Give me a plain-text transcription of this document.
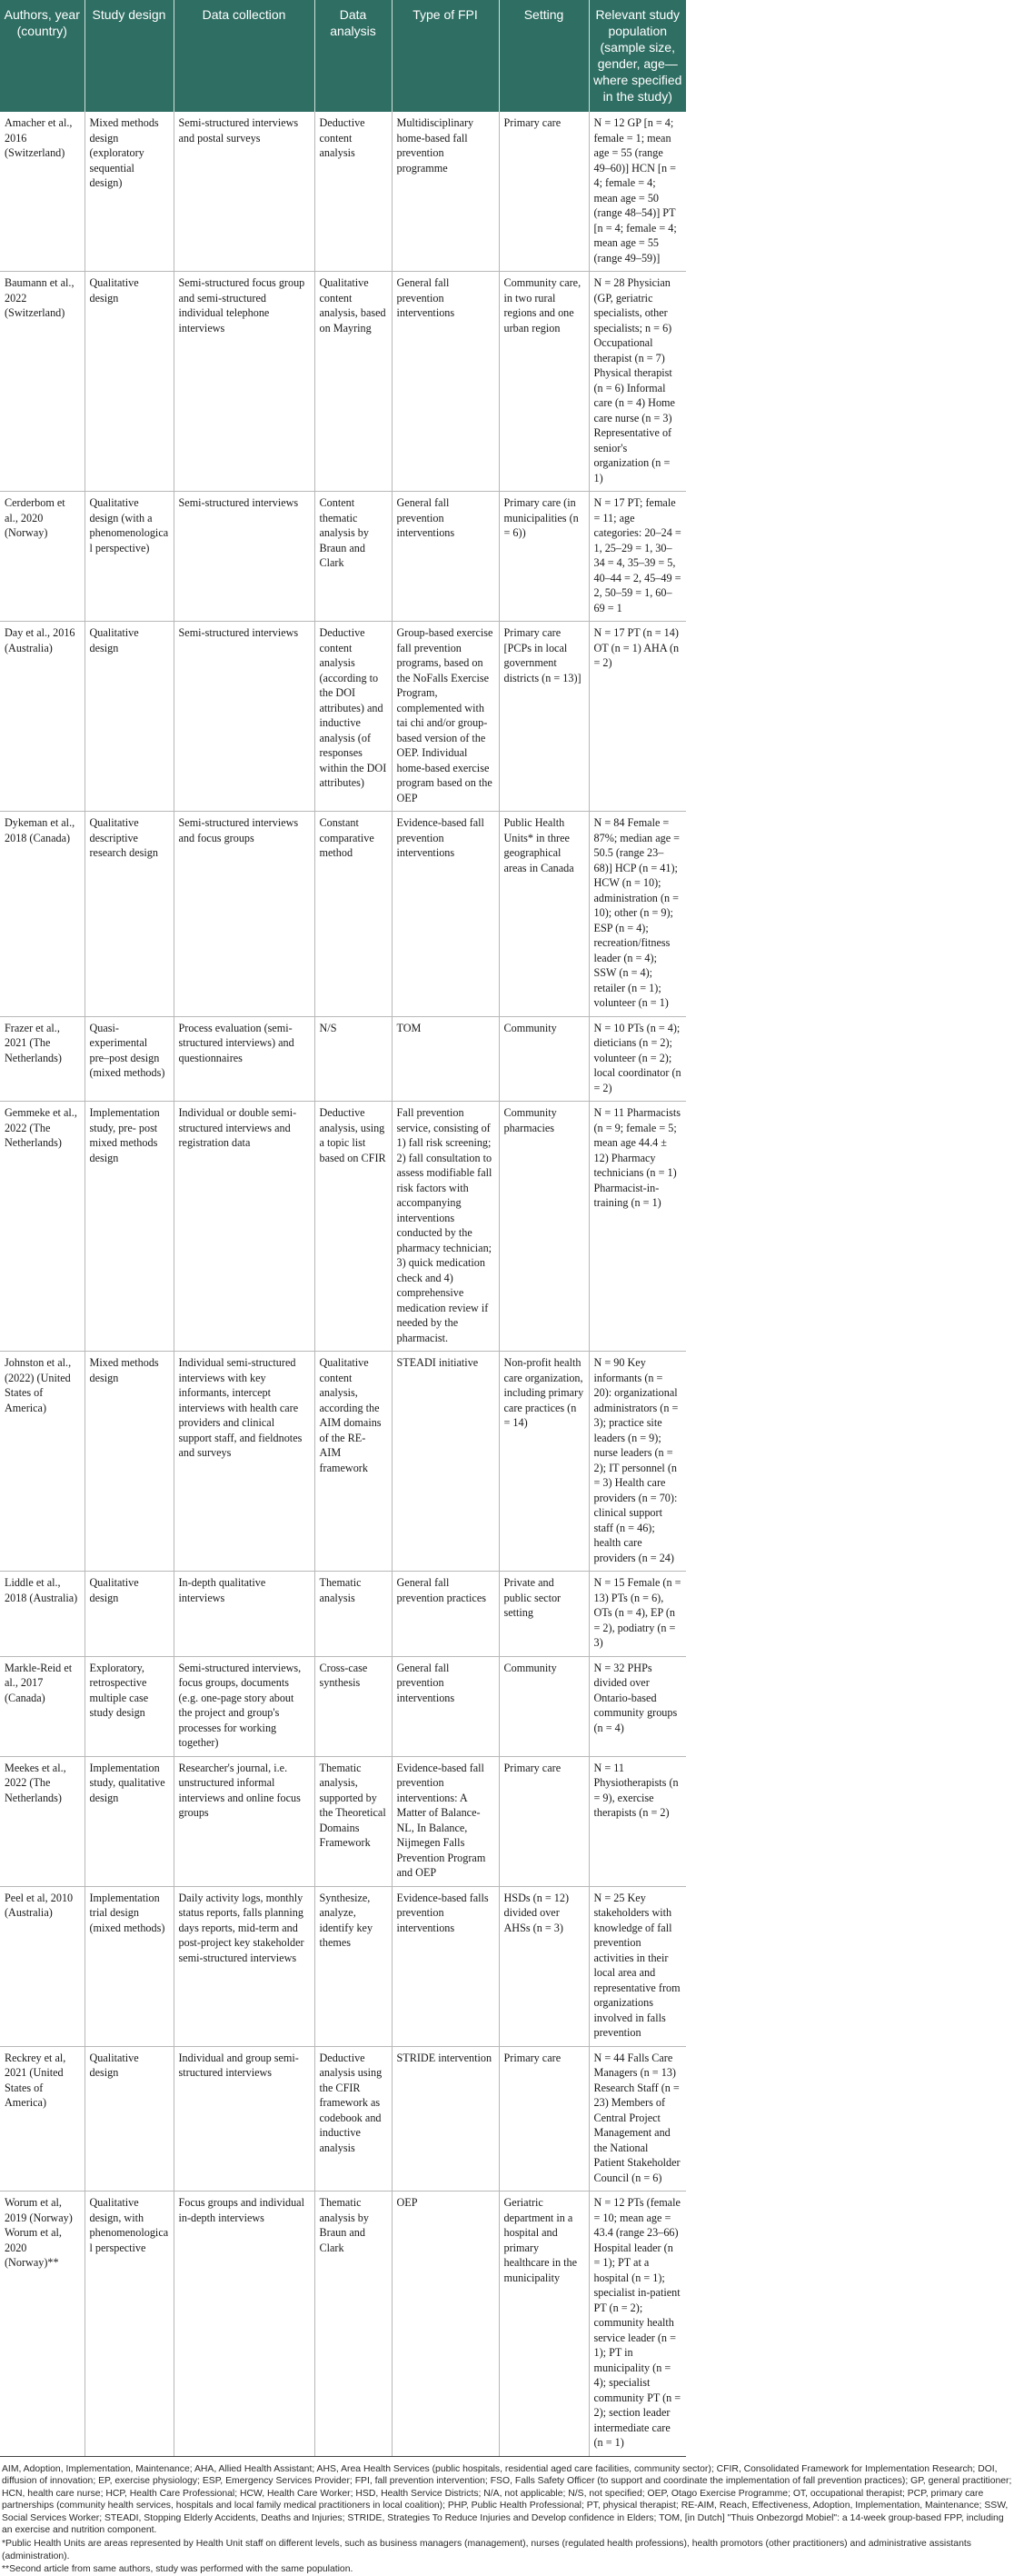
Authors, year (country)	Study design	Data collection	Data analysis	Type of FPI	Setting	Relevant study population (sample size, gender, age—where specified in the study)
Amacher et al., 2016 (Switzerland)	Mixed methods design (exploratory sequential design)	Semi-structured interviews and postal surveys	Deductive content analysis	Multidisciplinary home-based fall prevention programme	Primary care	N = 12 GP [n = 4; female = 1; mean age = 55 (range 49–60)] HCN [n = 4; female = 4; mean age = 50 (range 48–54)] PT [n = 4; female = 4; mean age = 55 (range 49–59)]
Baumann et al., 2022 (Switzerland)	Qualitative design	Semi-structured focus group and semi-structured individual telephone interviews	Qualitative content analysis, based on Mayring	General fall prevention interventions	Community care, in two rural regions and one urban region	N = 28 Physician (GP, geriatric specialists, other specialists; n = 6) Occupational therapist (n = 7) Physical therapist (n = 6) Informal care (n = 4) Home care nurse (n = 3) Representative of senior's organization (n = 1)
Cerderbom et al., 2020 (Norway)	Qualitative design (with a phenomenological perspective)	Semi-structured interviews	Content thematic analysis by Braun and Clark	General fall prevention interventions	Primary care (in municipalities (n = 6))	N = 17 PT; female = 11; age categories: 20–24 = 1, 25–29 = 1, 30–34 = 4, 35–39 = 5, 40–44 = 2, 45–49 = 2, 50–59 = 1, 60–69 = 1
Day et al., 2016 (Australia)	Qualitative design	Semi-structured interviews	Deductive content analysis (according to the DOI attributes) and inductive analysis (of responses within the DOI attributes)	Group-based exercise fall prevention programs, based on the NoFalls Exercise Program, complemented with tai chi and/or group-based version of the OEP. Individual home-based exercise program based on the OEP	Primary care [PCPs in local government districts (n = 13)]	N = 17 PT (n = 14) OT (n = 1) AHA (n = 2)
Dykeman et al., 2018 (Canada)	Qualitative descriptive research design	Semi-structured interviews and focus groups	Constant comparative method	Evidence-based fall prevention interventions	Public Health Units* in three geographical areas in Canada	N = 84 Female = 87%; median age = 50.5 (range 23–68)] HCP (n = 41); HCW (n = 10); administration (n = 10); other (n = 9); ESP (n = 4); recreation/fitness leader (n = 4); SSW (n = 4); retailer (n = 1); volunteer (n = 1)
Frazer et al., 2021 (The Netherlands)	Quasi-experimental pre–post design (mixed methods)	Process evaluation (semi-structured interviews) and questionnaires	N/S	TOM	Community	N = 10 PTs (n = 4); dieticians (n = 2); volunteer (n = 2); local coordinator (n = 2)
Gemmeke et al., 2022 (The Netherlands)	Implementation study, pre- post mixed methods design	Individual or double semi-structured interviews and registration data	Deductive analysis, using a topic list based on CFIR	Fall prevention service, consisting of 1) fall risk screening; 2) fall consultation to assess modifiable fall risk factors with accompanying interventions conducted by the pharmacy technician; 3) quick medication check and 4) comprehensive medication review if needed by the pharmacist.	Community pharmacies	N = 11 Pharmacists (n = 9; female = 5; mean age 44.4 ± 12) Pharmacy technicians (n = 1) Pharmacist-in-training (n = 1)
Johnston et al., (2022) (United States of America)	Mixed methods design	Individual semi-structured interviews with key informants, intercept interviews with health care providers and clinical support staff, and fieldnotes and surveys	Qualitative content analysis, according the AIM domains of the RE-AIM framework	STEADI initiative	Non-profit health care organization, including primary care practices (n = 14)	N = 90 Key informants (n = 20): organizational administrators (n = 3); practice site leaders (n = 9); nurse leaders (n = 2); IT personnel (n = 3) Health care providers (n = 70): clinical support staff (n = 46); health care providers (n = 24)
Liddle et al., 2018 (Australia)	Qualitative design	In-depth qualitative interviews	Thematic analysis	General fall prevention practices	Private and public sector setting	N = 15 Female (n = 13) PTs (n = 6), OTs (n = 4), EP (n = 2), podiatry (n = 3)
Markle-Reid et al., 2017 (Canada)	Exploratory, retrospective multiple case study design	Semi-structured interviews, focus groups, documents (e.g. one-page story about the project and group's processes for working together)	Cross-case synthesis	General fall prevention interventions	Community	N = 32 PHPs divided over Ontario-based community groups (n = 4)
Meekes et al., 2022 (The Netherlands)	Implementation study, qualitative design	Researcher's journal, i.e. unstructured informal interviews and online focus groups	Thematic analysis, supported by the Theoretical Domains Framework	Evidence-based fall prevention interventions: A Matter of Balance-NL, In Balance, Nijmegen Falls Prevention Program and OEP	Primary care	N = 11 Physiotherapists (n = 9), exercise therapists (n = 2)
Peel et al, 2010 (Australia)	Implementation trial design (mixed methods)	Daily activity logs, monthly status reports, falls planning days reports, mid-term and post-project key stakeholder semi-structured interviews	Synthesize, analyze, identify key themes	Evidence-based falls prevention interventions	HSDs (n = 12) divided over AHSs (n = 3)	N = 25 Key stakeholders with knowledge of fall prevention activities in their local area and representative from organizations involved in falls prevention
Reckrey et al, 2021 (United States of America)	Qualitative design	Individual and group semi-structured interviews	Deductive analysis using the CFIR framework as codebook and inductive analysis	STRIDE intervention	Primary care	N = 44 Falls Care Managers (n = 13) Research Staff (n = 23) Members of Central Project Management and the National Patient Stakeholder Council (n = 6)
Worum et al, 2019 (Norway) Worum et al, 2020 (Norway)**	Qualitative design, with phenomenological perspective	Focus groups and individual in-depth interviews	Thematic analysis by Braun and Clark	OEP	Geriatric department in a hospital and primary healthcare in the municipality	N = 12 PTs (female = 10; mean age = 43.4 (range 23–66) Hospital leader (n = 1); PT at a hospital (n = 1); specialist in-patient PT (n = 2); community health service leader (n = 1); PT in municipality (n = 4); specialist community PT (n = 2); section leader intermediate care (n = 1)

AIM, Adoption, Implementation, Maintenance; AHA, Allied Health Assistant; AHS, Area Health Services (public hospitals, residential aged care facilities, community sector); CFIR, Consolidated Framework for Implementation Research; DOI, diffusion of innovation; EP, exercise physiology; ESP, Emergency Services Provider; FPI, fall prevention intervention; FSO, Falls Safety Officer (to support and coordinate the implementation of fall prevention practices); GP, general practitioner; HCN, health care nurse; HCP, Health Care Professional; HCW, Health Care Worker; HSD, Health Service Districts; N/A, not applicable; N/S, not specified; OEP, Otago Exercise Programme; OT, occupational therapist; PCP, primary care partnerships (community health services, hospitals and local family medical practitioners in local coalition); PHP, Public Health Professional; PT, physical therapist; RE-AIM, Reach, Effectiveness, Adoption, Implementation, Maintenance; SSW, Social Services Worker; STEADI, Stopping Elderly Accidents, Deaths and Injuries; STRIDE, Strategies To Reduce Injuries and Develop confidence in Elders; TOM, [in Dutch] "Thuis Onbezorgd Mobiel": a 14-week group-based FPP, including an exercise and nutrition component.

*Public Health Units are areas represented by Health Unit staff on different levels, such as business managers (management), nurses (regulated health professions), health promotors (other practitioners) and administrative assistants (administration).

**Second article from same authors, study was performed with the same population.
